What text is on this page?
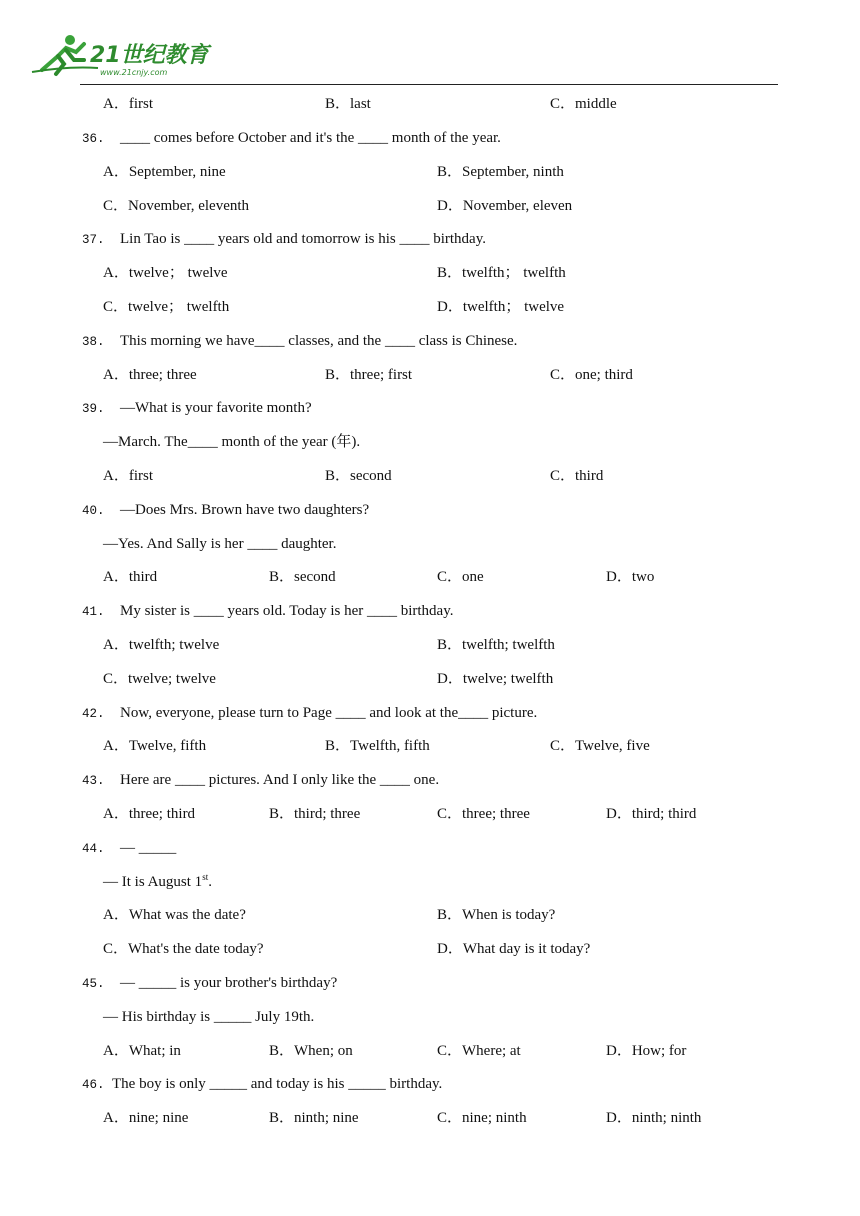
21世纪教育
www.21cnjy.com
A．first	B．last	C．middle
36. ____ comes before October and it's the ____ month of the year.
A．September, nine	B．September, ninth
C．November, eleventh	D．November, eleven
37. Lin Tao is ____ years old and tomorrow is his ____ birthday.
A．twelve； twelve	B．twelfth； twelfth
C．twelve； twelfth	D．twelfth； twelve
38. This morning we have____ classes, and the ____ class is Chinese.
A．three; three	B．three; first	C．one; third
39. —What is your favorite month?
—March. The____ month of the year (年).
A．first	B．second	C．third
40. —Does Mrs. Brown have two daughters?
—Yes. And Sally is her ____ daughter.
A．third	B．second	C．one	D．two
41. My sister is ____ years old. Today is her ____ birthday.
A．twelfth; twelve	B．twelfth; twelfth
C．twelve; twelve	D．twelve; twelfth
42. Now, everyone, please turn to Page ____ and look at the____ picture.
A．Twelve, fifth	B．Twelfth, fifth	C．Twelve, five
43. Here are ____ pictures. And I only like the ____ one.
A．three; third	B．third; three	C．three; three	D．third; third
44. — _____
— It is August 1st.
A．What was the date?	B．When is today?
C．What's the date today?	D．What day is it today?
45. — _____ is your brother's birthday?
— His birthday is _____ July 19th.
A．What; in	B．When; on	C．Where; at	D．How; for
46. The boy is only _____ and today is his _____ birthday.
A．nine; nine	B．ninth; nine	C．nine; ninth	D．ninth; ninth
